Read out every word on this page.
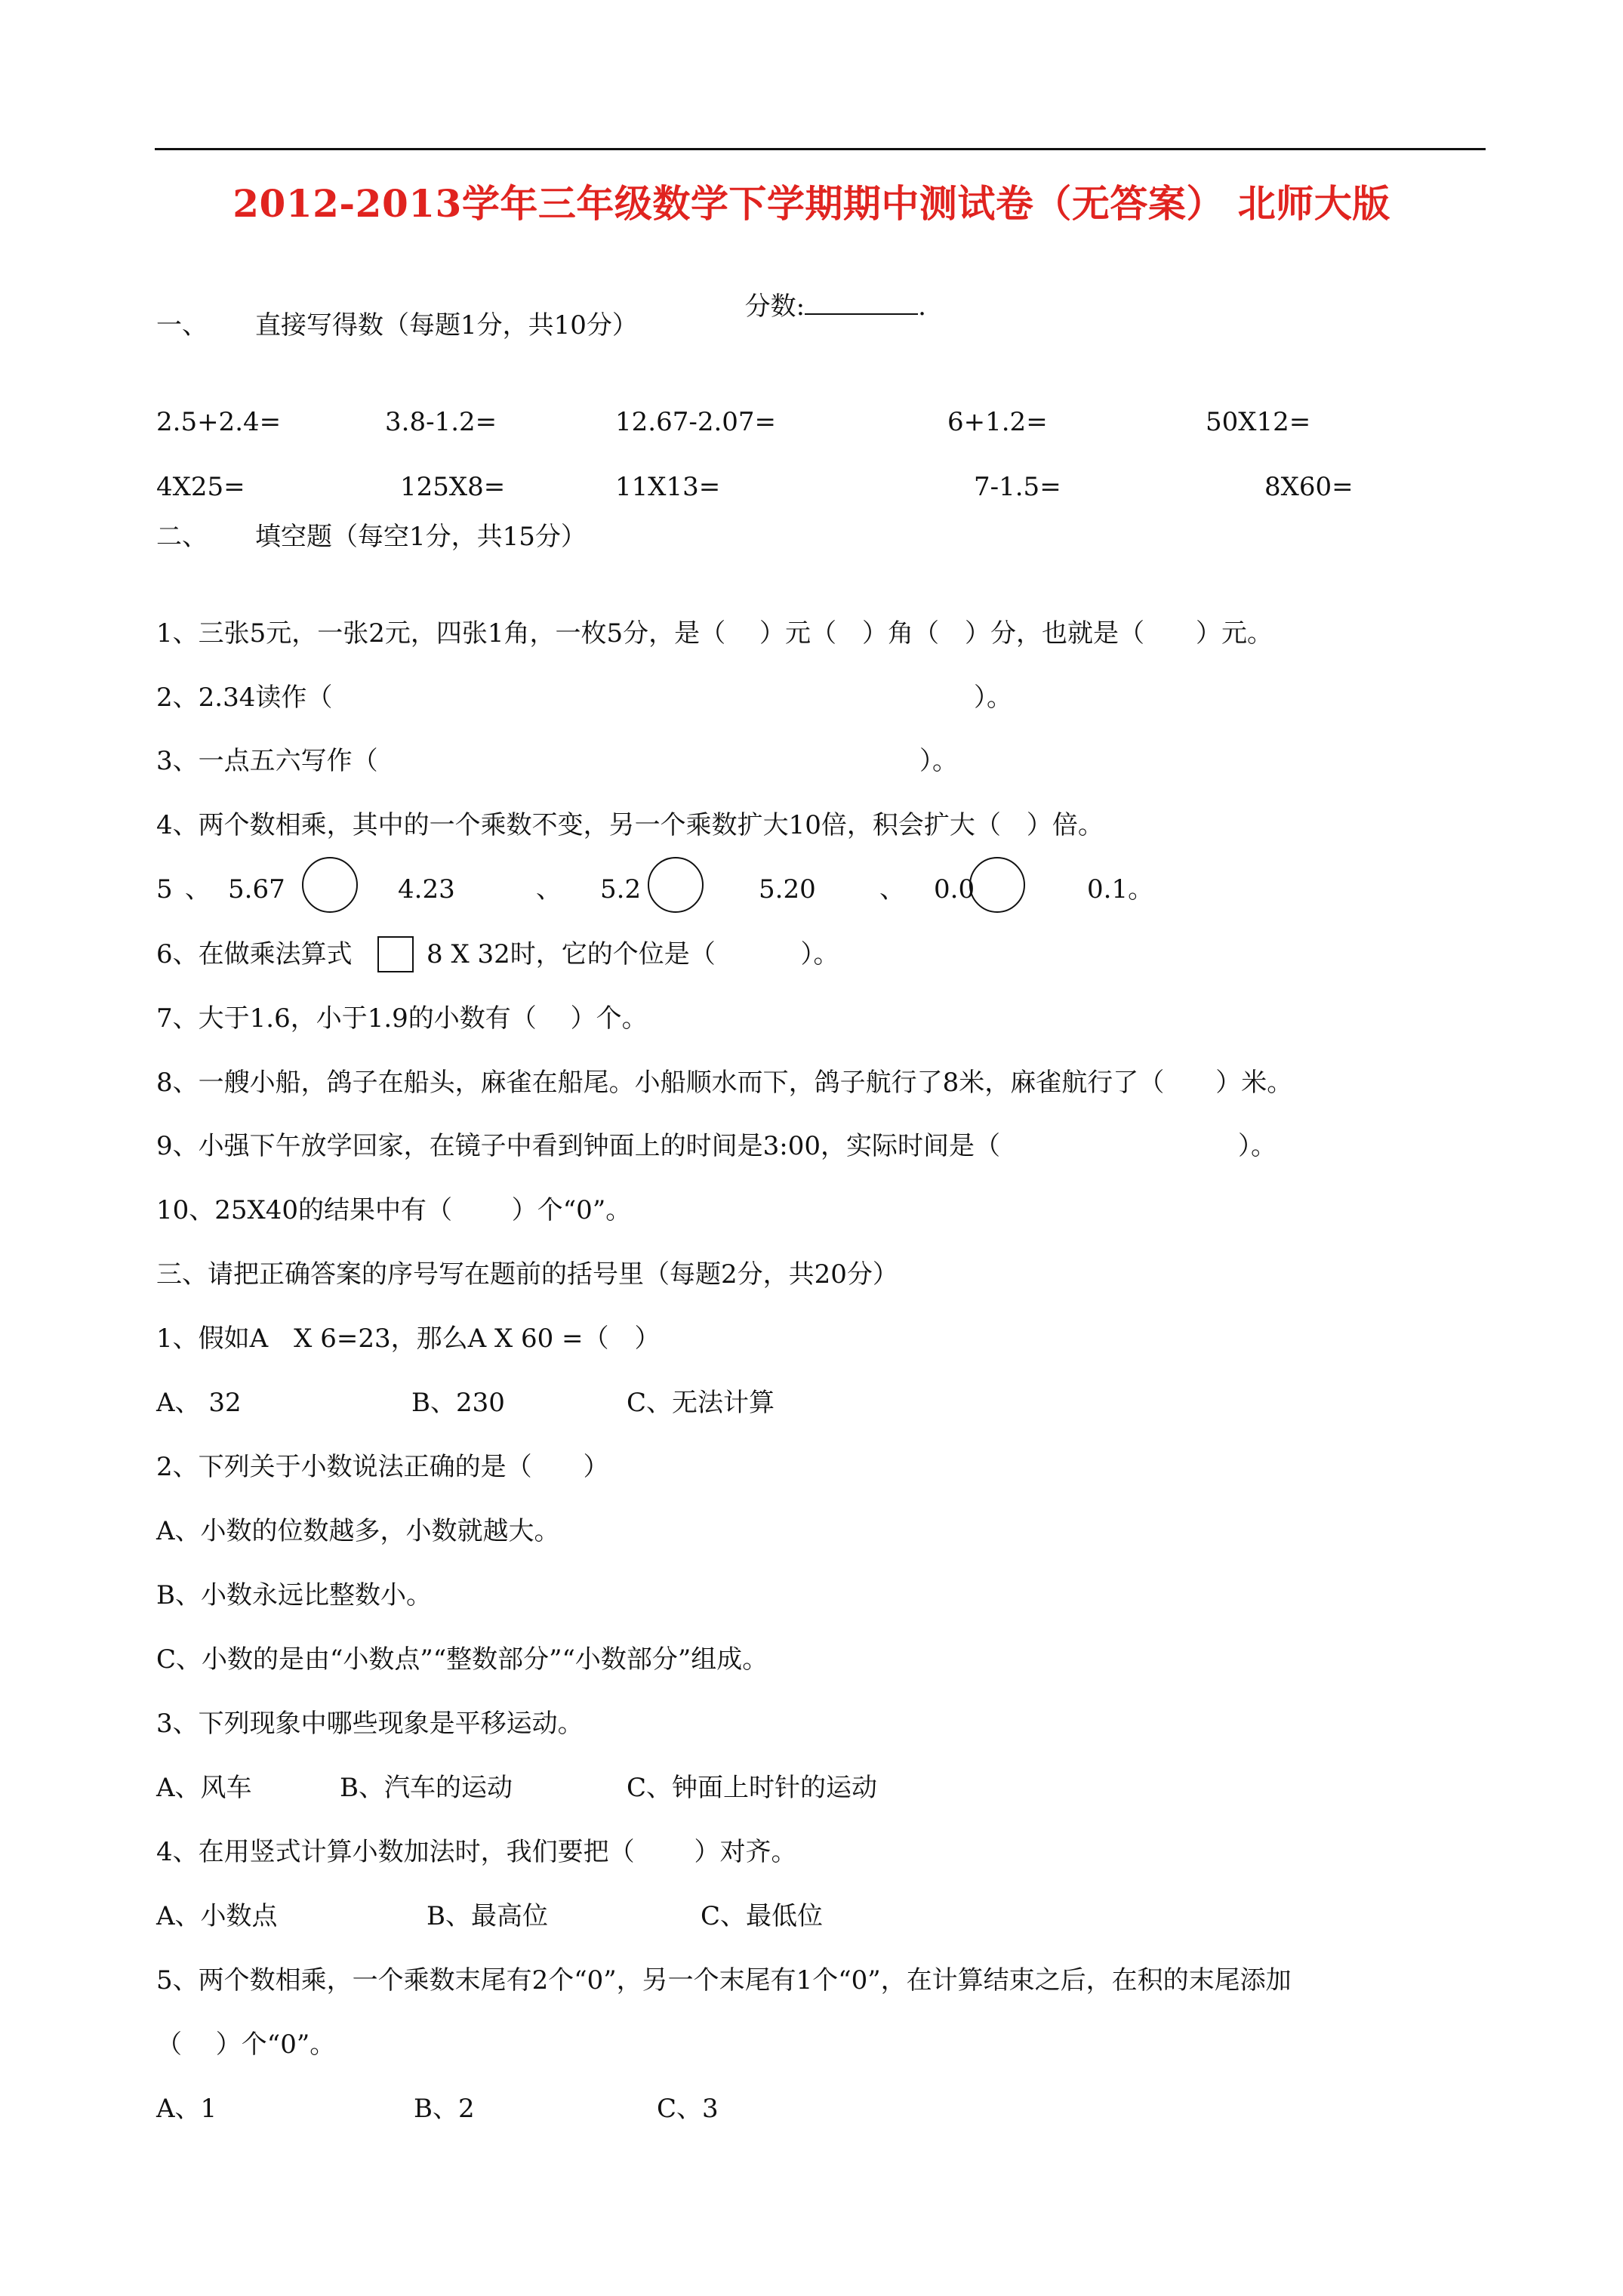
2012-2013学年三年级数学下学期期中测试卷（无答案） 北师大版

分数:	.

一、 直接写得数（每题1分，共10分）
2.5+2.4=	3.8-1.2=	12.67-2.07=	6+1.2=	50X12=
4X25=	125X8=	11X13=	7-1.5=	8X60=
二、 填空题（每空1分，共15分）
1、三张5元，一张2元，四张1角，一枚5分，是（　 ）元（　）角（　）分，也就是（　　）元。
2、2.34读作（	）。
3、一点五六写作（	）。
4、两个数相乘，其中的一个乘数不变，另一个乘数扩大10倍，积会扩大（　）倍。
5 、 5.67	4.23	、 5.2	5.20 、 0.0	0.1。
6、在做乘法算式	8 X 32时，它的个位是（　　　 ）。
7、大于1.6，小于1.9的小数有（　 ）个。
8、一艘小船，鸽子在船头，麻雀在船尾。小船顺水而下，鸽子航行了8米，麻雀航行了（　　）米。
9、小强下午放学回家，在镜子中看到钟面上的时间是3:00，实际时间是（	）。
10、25X40的结果中有（　　 ）个“0”。
三、请把正确答案的序号写在题前的括号里（每题2分，共20分）
1、假如A　X 6=23，那么A X 60 =（　）
A、 32	B、230	C、无法计算
2、下列关于小数说法正确的是（　　）
A、小数的位数越多，小数就越大。
B、小数永远比整数小。
C、小数的是由“小数点”“整数部分”“小数部分”组成。
3、下列现象中哪些现象是平移运动。
A、风车	B、汽车的运动	C、钟面上时针的运动
4、在用竖式计算小数加法时，我们要把（　　 ）对齐。
A、小数点	B、最高位	C、最低位
5、两个数相乘，一个乘数末尾有2个“0”，另一个末尾有1个“0”，在计算结束之后，在积的末尾添加
（　 ）个“0”。
A、1	B、2	C、3
